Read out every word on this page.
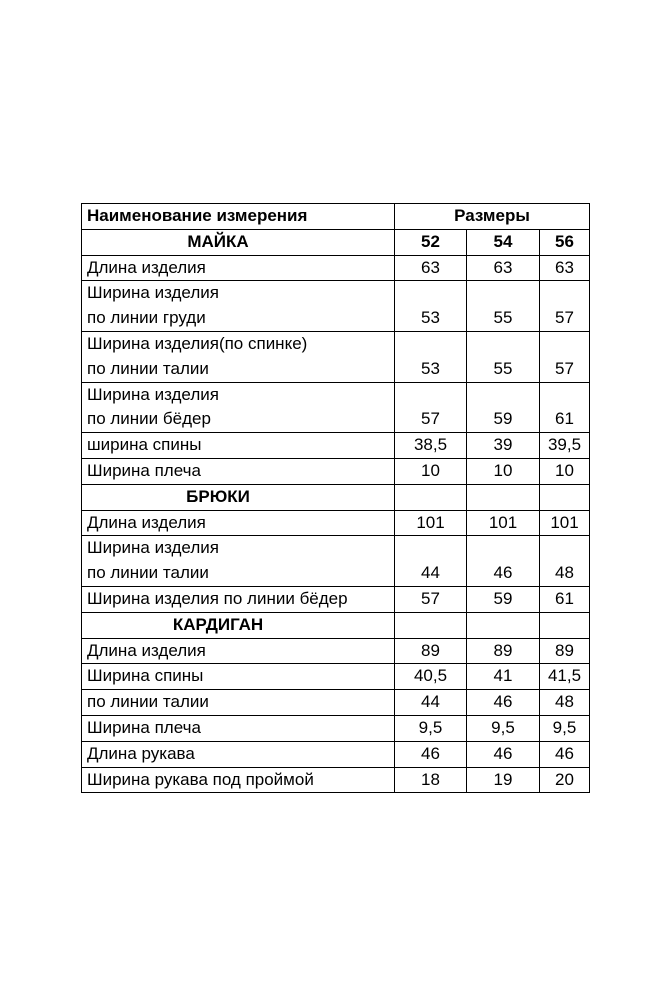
Наименование измерения	Размеры		
МАЙКА	52	54	56
Длина изделия	63	63	63
Ширина изделия			
по линии груди	53	55	57
Ширина изделия(по спинке)			
по линии талии	53	55	57
Ширина изделия			
по линии бёдер	57	59	61
ширина спины	38,5	39	39,5
Ширина плеча	10	10	10
БРЮКИ			
Длина изделия	101	101	101
Ширина изделия			
по линии талии	44	46	48
Ширина изделия по линии бёдер	57	59	61
КАРДИГАН			
Длина изделия	89	89	89
Ширина спины	40,5	41	41,5
по линии талии	44	46	48
Ширина плеча	9,5	9,5	9,5
Длина рукава	46	46	46
Ширина рукава под проймой	18	19	20
